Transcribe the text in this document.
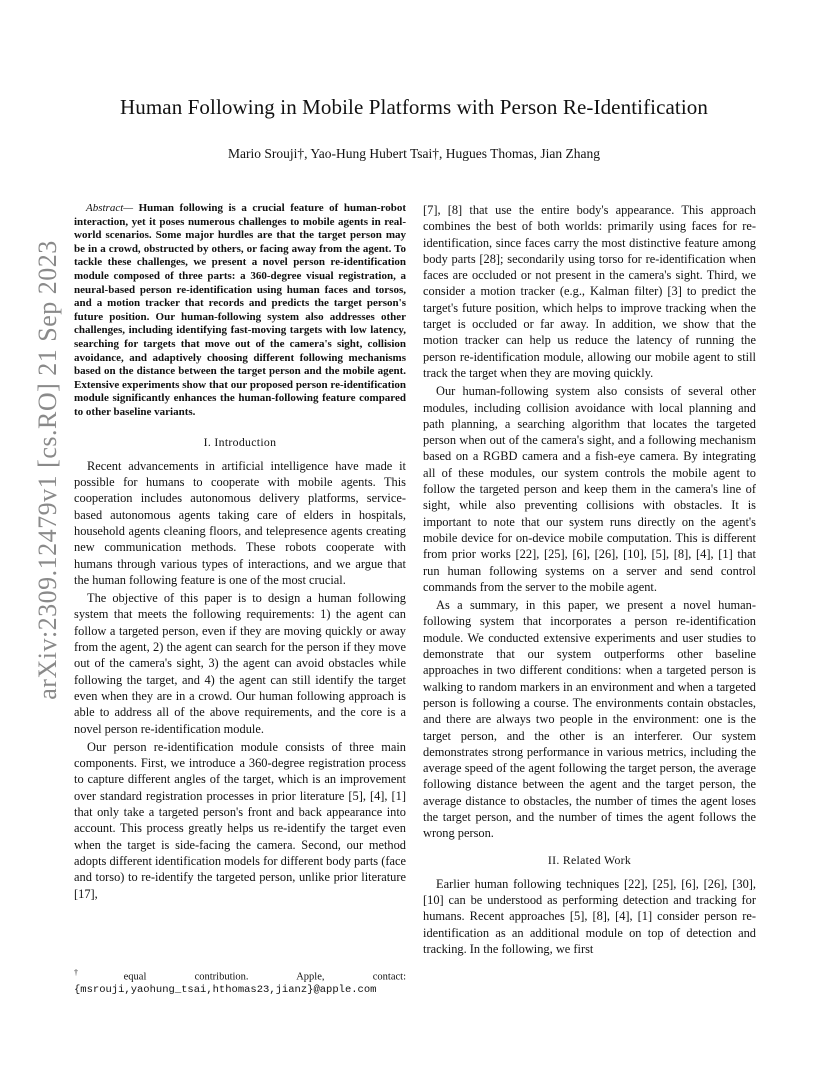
Human Following in Mobile Platforms with Person Re-Identification
Mario Srouji†, Yao-Hung Hubert Tsai†, Hugues Thomas, Jian Zhang
arXiv:2309.12479v1 [cs.RO] 21 Sep 2023

Abstract— Human following is a crucial feature of human-robot interaction, yet it poses numerous challenges to mobile agents in real-world scenarios. Some major hurdles are that the target person may be in a crowd, obstructed by others, or facing away from the agent. To tackle these challenges, we present a novel person re-identification module composed of three parts: a 360-degree visual registration, a neural-based person re-identification using human faces and torsos, and a motion tracker that records and predicts the target person's future position. Our human-following system also addresses other challenges, including identifying fast-moving targets with low latency, searching for targets that move out of the camera's sight, collision avoidance, and adaptively choosing different following mechanisms based on the distance between the target person and the mobile agent. Extensive experiments show that our proposed person re-identification module significantly enhances the human-following feature compared to other baseline variants.

I. Introduction

Recent advancements in artificial intelligence have made it possible for humans to cooperate with mobile agents. This cooperation includes autonomous delivery platforms, service-based autonomous agents taking care of elders in hospitals, household agents cleaning floors, and telepresence agents creating new communication methods. These robots cooperate with humans through various types of interactions, and we argue that the human following feature is one of the most crucial.

The objective of this paper is to design a human following system that meets the following requirements: 1) the agent can follow a targeted person, even if they are moving quickly or away from the agent, 2) the agent can search for the person if they move out of the camera's sight, 3) the agent can avoid obstacles while following the target, and 4) the agent can still identify the target even when they are in a crowd. Our human following approach is able to address all of the above requirements, and the core is a novel person re-identification module.

Our person re-identification module consists of three main components. First, we introduce a 360-degree registration process to capture different angles of the target, which is an improvement over standard registration processes in prior literature [5], [4], [1] that only take a targeted person's front and back appearance into account. This process greatly helps us re-identify the target even when the target is side-facing the camera. Second, our method adopts different identification models for different body parts (face and torso) to re-identify the targeted person, unlike prior literature [17],

[7], [8] that use the entire body's appearance. This approach combines the best of both worlds: primarily using faces for re-identification, since faces carry the most distinctive feature among body parts [28]; secondarily using torso for re-identification when faces are occluded or not present in the camera's sight. Third, we consider a motion tracker (e.g., Kalman filter) [3] to predict the target's future position, which helps to improve tracking when the target is occluded or far away. In addition, we show that the motion tracker can help us reduce the latency of running the person re-identification module, allowing our mobile agent to still track the target when they are moving quickly.

Our human-following system also consists of several other modules, including collision avoidance with local planning and path planning, a searching algorithm that locates the targeted person when out of the camera's sight, and a following mechanism based on a RGBD camera and a fish-eye camera. By integrating all of these modules, our system controls the mobile agent to follow the targeted person and keep them in the camera's line of sight, while also preventing collisions with obstacles. It is important to note that our system runs directly on the agent's mobile device for on-device mobile computation. This is different from prior works [22], [25], [6], [26], [10], [5], [8], [4], [1] that run human following systems on a server and send control commands from the server to the mobile agent.

As a summary, in this paper, we present a novel human-following system that incorporates a person re-identification module. We conducted extensive experiments and user studies to demonstrate that our system outperforms other baseline approaches in two different conditions: when a targeted person is walking to random markers in an environment and when a targeted person is following a course. The environments contain obstacles, and there are always two people in the environment: one is the target person, and the other is an interferer. Our system demonstrates strong performance in various metrics, including the average speed of the agent following the target person, the average following distance between the agent and the target person, the average distance to obstacles, the number of times the agent loses the target person, and the number of times the agent follows the wrong person.

II. Related Work

Earlier human following techniques [22], [25], [6], [26], [30], [10] can be understood as performing detection and tracking for humans. Recent approaches [5], [8], [4], [1] consider person re-identification as an additional module on top of detection and tracking. In the following, we first

†equal contribution. Apple, contact:
{msrouji,yaohung_tsai,hthomas23,jianz}@apple.com
